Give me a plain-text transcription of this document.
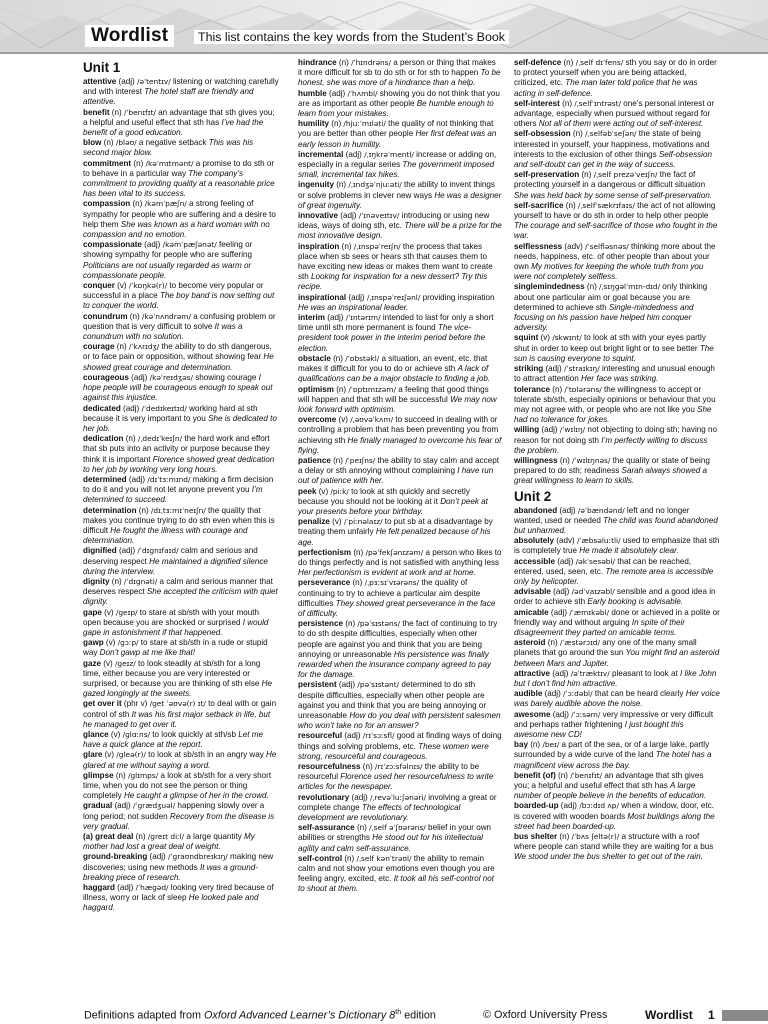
Wordlist	This list contains the key words from the Student’s Book
Unit 1
attentive (adj) /əˈtentɪv/ listening or watching carefully and with interest The hotel staff are friendly and attentive.
benefit (n) /ˈbenɪfɪt/ an advantage that sth gives you; a helpful and useful effect that sth has I’ve had the benefit of a good education.
blow (n) /bləʊ/ a negative setback This was his second major blow.
commitment (n) /kəˈmɪtmənt/ a promise to do sth or to behave in a particular way The company’s commitment to providing quality at a reasonable price has been vital to its success.
compassion (n) /kəmˈpæʃn/ a strong feeling of sympathy for people who are suffering and a desire to help them She was known as a hard woman with no compassion and no emotion.
compassionate (adj) /kəmˈpæʃənət/ feeling or showing sympathy for people who are suffering Politicians are not usually regarded as warm or compassionate people.
conquer (v) /ˈkɒŋkə(r)/ to become very popular or successful in a place The boy band is now setting out to conquer the world.
conundrum (n) /kəˈnʌndrəm/ a confusing problem or question that is very difficult to solve It was a conundrum with no solution.
courage (n) /ˈkʌrɪdʒ/ the ability to do sth dangerous, or to face pain or opposition, without showing fear He showed great courage and determination.
courageous (adj) /kəˈreɪdʒəs/ showing courage I hope people will be courageous enough to speak out against this injustice.
dedicated (adj) /ˈdedɪkeɪtɪd/ working hard at sth because it is very important to you She is dedicated to her job.
dedication (n) /ˌdedɪˈkeɪʃn/ the hard work and effort that sb puts into an activity or purpose because they think it is important Florence showed great dedication to her job by working very long hours.
determined (adj) /dɪˈtɜːmɪnd/ making a firm decision to do it and you will not let anyone prevent you I’m determined to succeed.
determination (n) /dɪˌtɜːmɪˈneɪʃn/ the quality that makes you continue trying to do sth even when this is difficult He fought the illness with courage and determination.
dignified (adj) /ˈdɪɡnɪfaɪd/ calm and serious and deserving respect He maintained a dignified silence during the interview.
dignity (n) /ˈdɪɡnəti/ a calm and serious manner that deserves respect She accepted the criticism with quiet dignity.
gape (v) /ɡeɪp/ to stare at sb/sth with your mouth open because you are shocked or surprised I would gape in astonishment if that happened.
gawp (v) /ɡɔːp/ to stare at sb/sth in a rude or stupid way Don’t gawp at me like that!
gaze (v) /ɡeɪz/ to look steadily at sb/sth for a long time, either because you are very interested or surprised, or because you are thinking of sth else He gazed longingly at the sweets.
get over it (phr v) /ɡet ˈəʊvə(r) ɪt/ to deal with or gain control of sth It was his first major setback in life, but he managed to get over it.
glance (v) /ɡlɑːns/ to look quickly at sth/sb Let me have a quick glance at the report.
glare (v) /ɡleə(r)/ to look at sb/sth in an angry way He glared at me without saying a word.
glimpse (n) /ɡlɪmps/ a look at sb/sth for a very short time, when you do not see the person or thing completely He caught a glimpse of her in the crowd.
gradual (adj) /ˈɡrædʒuəl/ happening slowly over a long period; not sudden Recovery from the disease is very gradual.
(a) great deal (n) /ɡreɪt diːl/ a large quantity My mother had lost a great deal of weight.
ground-breaking (adj) /ˈɡraʊndbreɪkɪŋ/ making new discoveries; using new methods It was a ground-breaking piece of research.
haggard (adj) /ˈhæɡəd/ looking very tired because of illness, worry or lack of sleep He looked pale and haggard.
hindrance (n) /ˈhɪndrəns/ a person or thing that makes it more difficult for sb to do sth or for sth to happen To be honest, she was more of a hindrance than a help.
humble (adj) /ˈhʌmbl/ showing you do not think that you are as important as other people Be humble enough to learn from your mistakes.
humility (n) /hjuːˈmɪləti/ the quality of not thinking that you are better than other people Her first defeat was an early lesson in humility.
incremental (adj) /ˌɪŋkrəˈmentl/ increase or adding on, especially in a regular series The government imposed small, incremental tax hikes.
ingenuity (n) /ˌɪndʒəˈnjuːəti/ the ability to invent things or solve problems in clever new ways He was a designer of great ingenuity.
innovative (adj) /ˈɪnəveɪtɪv/ introducing or using new ideas, ways of doing sth, etc. There will be a prize for the most innovative design.
inspiration (n) /ˌɪnspəˈreɪʃn/ the process that takes place when sb sees or hears sth that causes them to have exciting new ideas or makes them want to create sth Looking for inspiration for a new dessert? Try this recipe.
inspirational (adj) /ˌɪnspəˈreɪʃənl/ providing inspiration He was an inspirational leader.
interim (adj) /ˈɪntərɪm/ intended to last for only a short time until sth more permanent is found The vice-president took power in the interim period before the election.
obstacle (n) /ˈɒbstəkl/ a situation, an event, etc. that makes it difficult for you to do or achieve sth A lack of qualifications can be a major obstacle to finding a job.
optimism (n) /ˈɒptɪmɪzəm/ a feeling that good things will happen and that sth will be successful We may now look forward with optimism.
overcome (v) /ˌəʊvəˈkʌm/ to succeed in dealing with or controlling a problem that has been preventing you from achieving sth He finally managed to overcome his fear of flying.
patience (n) /ˈpeɪʃns/ the ability to stay calm and accept a delay or sth annoying without complaining I have run out of patience with her.
peek (v) /piːk/ to look at sth quickly and secretly because you should not be looking at it Don’t peek at your presents before your birthday.
penalize (v) /ˈpiːnəlaɪz/ to put sb at a disadvantage by treating them unfairly He felt penalized because of his age.
perfectionism (n) /pəˈfekʃənɪzəm/ a person who likes to do things perfectly and is not satisfied with anything less Her perfectionism is evident at work and at home.
perseverance (n) /ˌpɜːsɪˈvɪərəns/ the quality of continuing to try to achieve a particular aim despite difficulties They showed great perseverance in the face of difficulty.
persistence (n) /pəˈsɪstəns/ the fact of continuing to try to do sth despite difficulties, especially when other people are against you and think that you are being annoying or unreasonable His persistence was finally rewarded when the insurance company agreed to pay for the damage.
persistent (adj) /pəˈsɪstənt/ determined to do sth despite difficulties, especially when other people are against you and think that you are being annoying or unreasonable How do you deal with persistent salesmen who won’t take no for an answer?
resourceful (adj) /rɪˈsɔːsfl/ good at finding ways of doing things and solving problems, etc. These women were strong, resourceful and courageous.
resourcefulness (n) /rɪˈzɔːsfəlnɪs/ the ability to be resourceful Florence used her resourcefulness to write articles for the newspaper.
revolutionary (adj) /ˌrevəˈluːʃənəri/ involving a great or complete change The effects of technological development are revolutionary.
self-assurance (n) /ˌself əˈʃʊərəns/ belief in your own abilities or strengths He stood out for his intellectual agility and calm self-assurance.
self-control (n) /ˌself kənˈtrəʊl/ the ability to remain calm and not show your emotions even though you are feeling angry, excited, etc. It took all his self-control not to shout at them.
self-defence (n) /ˌself dɪˈfens/ sth you say or do in order to protect yourself when you are being attacked, criticized, etc. The man later told police that he was acting in self-defence.
self-interest (n) /ˌselfˈɪntrəst/ one’s personal interest or advantage, especially when pursued without regard for others Not all of them were acting out of self-interest.
self-obsession (n) /ˌselfəbˈseʃən/ the state of being interested in yourself, your happiness, motivations and interests to the exclusion of other things Self-obsession and self-doubt can get in the way of success.
self-preservation (n) /ˌself prezəˈveɪʃn/ the fact of protecting yourself in a dangerous or difficult situation She was held back by some sense of self-preservation.
self-sacrifice (n) /ˌselfˈsækrɪfaɪs/ the act of not allowing yourself to have or do sth in order to help other people The courage and self-sacrifice of those who fought in the war.
selflessness (adv) /ˈselfləsnəs/ thinking more about the needs, happiness, etc. of other people than about your own My motives for keeping the whole truth from you were not completely selfless.
singlemindedness (n) /ˌsɪŋɡəlˈmɪn-dɪd/ only thinking about one particular aim or goal because you are determined to achieve sth Single-mindedness and focusing on his passion have helped him conquer adversity.
squint (v) /skwɪnt/ to look at sth with your eyes partly shut in order to keep out bright light or to see better The sun is causing everyone to squint.
striking (adj) /ˈstraɪkɪŋ/ interesting and unusual enough to attract attention Her face was striking.
tolerance (n) /ˈtɒlərəns/ the willingness to accept or tolerate sb/sth, especially opinions or behaviour that you may not agree with, or people who are not like you She had no tolerance for jokes.
willing (adj) /ˈwɪlɪŋ/ not objecting to doing sth; having no reason for not doing sth I’m perfectly willing to discuss the problem.
willingness (n) /ˈwɪlɪŋnəs/ the quality or state of being prepared to do sth; readiness Sarah always showed a great willingness to learn to skills.
Unit 2
abandoned (adj) /əˈbændənd/ left and no longer wanted, used or needed The child was found abandoned but unharmed.
absolutely (adv) /ˈæbsəluːtli/ used to emphasize that sth is completely true He made it absolutely clear.
accessible (adj) /əkˈsesəbl/ that can be reached, entered, used, seen, etc. The remote area is accessible only by helicopter.
advisable (adj) /ədˈvaɪzəbl/ sensible and a good idea in order to achieve sth Early booking is advisable.
amicable (adj) /ˈæmɪkəbl/ done or achieved in a polite or friendly way and without arguing In spite of their disagreement they parted on amicable terms.
asteroid (n) /ˈæstərɔɪd/ any one of the many small planets that go around the sun You might find an asteroid between Mars and Jupiter.
attractive (adj) /əˈtræktɪv/ pleasant to look at I like John but I don’t find him attractive.
audible (adj) /ˈɔːdəbl/ that can be heard clearly Her voice was barely audible above the noise.
awesome (adj) /ˈɔːsəm/ very impressive or very difficult and perhaps rather frightening I just bought this awesome new CD!
bay (n) /beɪ/ a part of the sea, or of a large lake, partly surrounded by a wide curve of the land The hotel has a magnificent view across the bay.
benefit (of) (n) /ˈbenɪfɪt/ an advantage that sth gives you; a helpful and useful effect that sth has A large number of people believe in the benefits of education.
boarded-up (adj) /bɔːdɪd ʌp/ when a window, door, etc. is covered with wooden boards Most buildings along the street had been boarded-up.
bus shelter (n) /ˈbʌs ʃeltə(r)/ a structure with a roof where people can stand while they are waiting for a bus We stood under the bus shelter to get out of the rain.
Definitions adapted from Oxford Advanced Learner’s Dictionary 8th edition	© Oxford University Press	Wordlist 1
